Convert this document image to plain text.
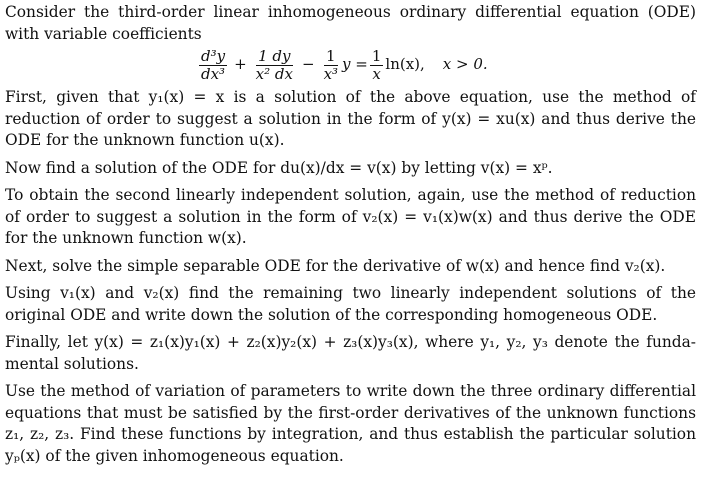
Consider the third-order linear inhomogeneous ordinary differential equation (ODE) with variable coefficients

$\frac{\text{d³y}}{\text{dx³}} + \frac{1 dy}{\text{x² dx}} - \frac{1}{\text{x³}}$ $y = \frac{1}{x} \ln(x)$, x > 0.

First, given that y₁(x) = x is a solution of the above equation, use the method of reduction of order to suggest a solution in the form of y(x) = xu(x) and thus derive the ODE for the unknown function u(x).

Now find a solution of the ODE for du(x)/dx = v(x) by letting v(x) = xᵖ.

To obtain the second linearly independent solution, again, use the method of reduction of order to suggest a solution in the form of v₂(x) = v₁(x)w(x) and thus derive the ODE for the unknown function w(x).

Next, solve the simple separable ODE for the derivative of w(x) and hence find v₂(x).

Using v₁(x) and v₂(x) find the remaining two linearly independent solutions of the original ODE and write down the solution of the corresponding homogeneous ODE.

Finally, let y(x) = z₁(x)y₁(x) + z₂(x)y₂(x) + z₃(x)y₃(x), where y₁, y₂, y₃ denote the fundamental solutions.

Use the method of variation of parameters to write down the three ordinary differential equations that must be satisfied by the first-order derivatives of the unknown functions z₁, z₂, z₃. Find these functions by integration, and thus establish the particular solution yₚ(x) of the given inhomogeneous equation.
